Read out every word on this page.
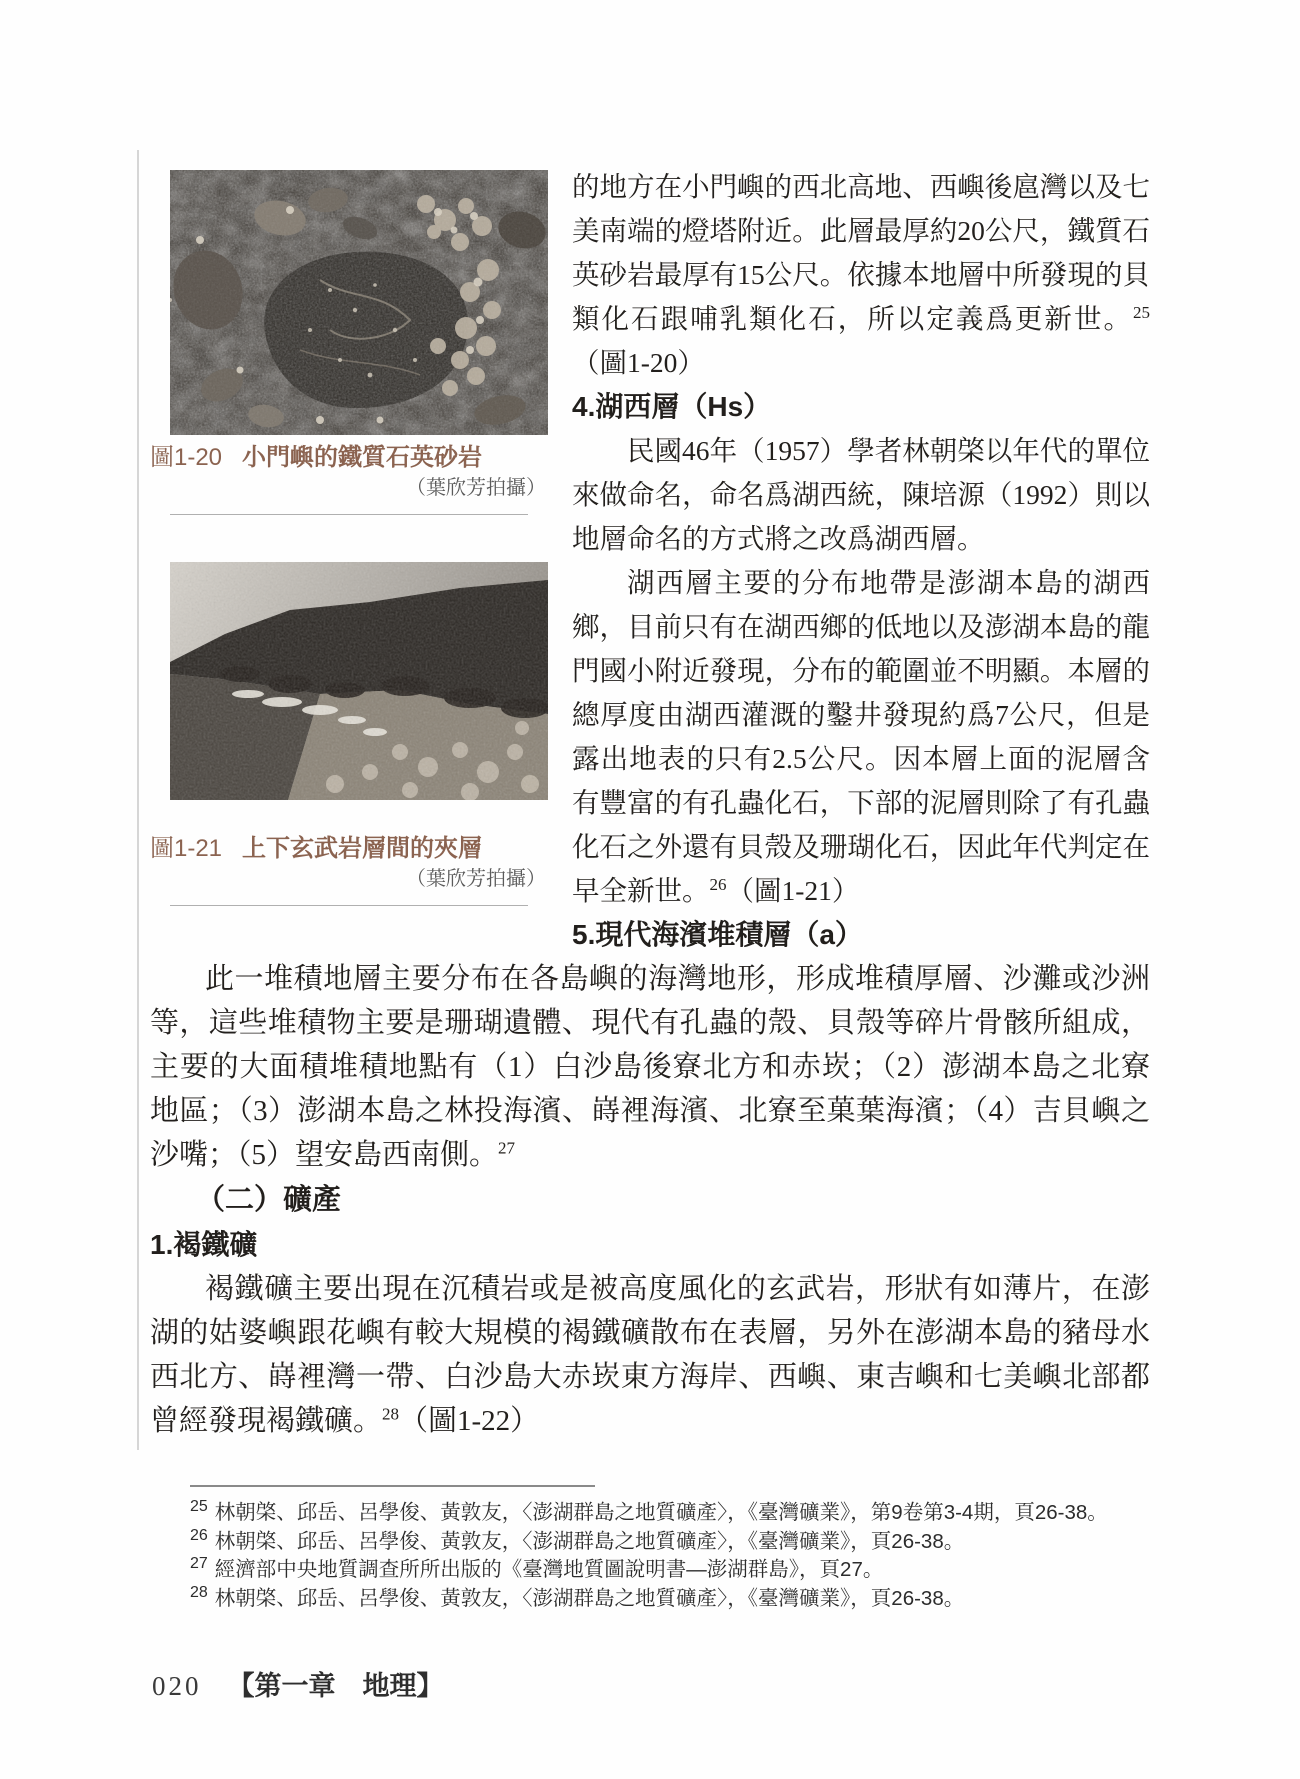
圖1-20 小門嶼的鐵質石英砂岩
（葉欣芳拍攝）
圖1-21 上下玄武岩層間的夾層
（葉欣芳拍攝）

的地方在小門嶼的西北高地、西嶼後扈灣以及七美南端的燈塔附近。此層最厚約20公尺，鐵質石英砂岩最厚有15公尺。依據本地層中所發現的貝類化石跟哺乳類化石，所以定義爲更新世。$^{25}$（圖1-20）

4.湖西層（Hs）

民國46年（1957）學者林朝棨以年代的單位來做命名，命名爲湖西統，陳培源（1992）則以地層命名的方式將之改爲湖西層。

湖西層主要的分布地帶是澎湖本島的湖西鄉，目前只有在湖西鄉的低地以及澎湖本島的龍門國小附近發現，分布的範圍並不明顯。本層的總厚度由湖西灌溉的鑿井發現約爲7公尺，但是露出地表的只有2.5公尺。因本層上面的泥層含有豐富的有孔蟲化石，下部的泥層則除了有孔蟲化石之外還有貝殼及珊瑚化石，因此年代判定在早全新世。$^{26}$（圖1-21）

5.現代海濱堆積層（a）

此一堆積地層主要分布在各島嶼的海灣地形，形成堆積厚層、沙灘或沙洲等，這些堆積物主要是珊瑚遺體、現代有孔蟲的殼、貝殼等碎片骨骸所組成，主要的大面積堆積地點有（1）白沙島後寮北方和赤崁；（2）澎湖本島之北寮地區；（3）澎湖本島之林投海濱、嵵裡海濱、北寮至菓葉海濱；（4）吉貝嶼之沙嘴；（5）望安島西南側。$^{27}$

（二）礦產

1.褐鐵礦

褐鐵礦主要出現在沉積岩或是被高度風化的玄武岩，形狀有如薄片，在澎湖的姑婆嶼跟花嶼有較大規模的褐鐵礦散布在表層，另外在澎湖本島的豬母水西北方、嵵裡灣一帶、白沙島大赤崁東方海岸、西嶼、東吉嶼和七美嶼北部都曾經發現褐鐵礦。$^{28}$（圖1-22）

$^{25}$ 林朝棨、邱岳、呂學俊、黃敦友，〈澎湖群島之地質礦產〉，《臺灣礦業》，第9卷第3-4期，頁26-38。

$^{26}$ 林朝棨、邱岳、呂學俊、黃敦友，〈澎湖群島之地質礦產〉，《臺灣礦業》，頁26-38。

$^{27}$ 經濟部中央地質調查所所出版的《臺灣地質圖說明書—澎湖群島》，頁27。

$^{28}$ 林朝棨、邱岳、呂學俊、黃敦友，〈澎湖群島之地質礦產〉，《臺灣礦業》，頁26-38。

020 【第一章　地理】
